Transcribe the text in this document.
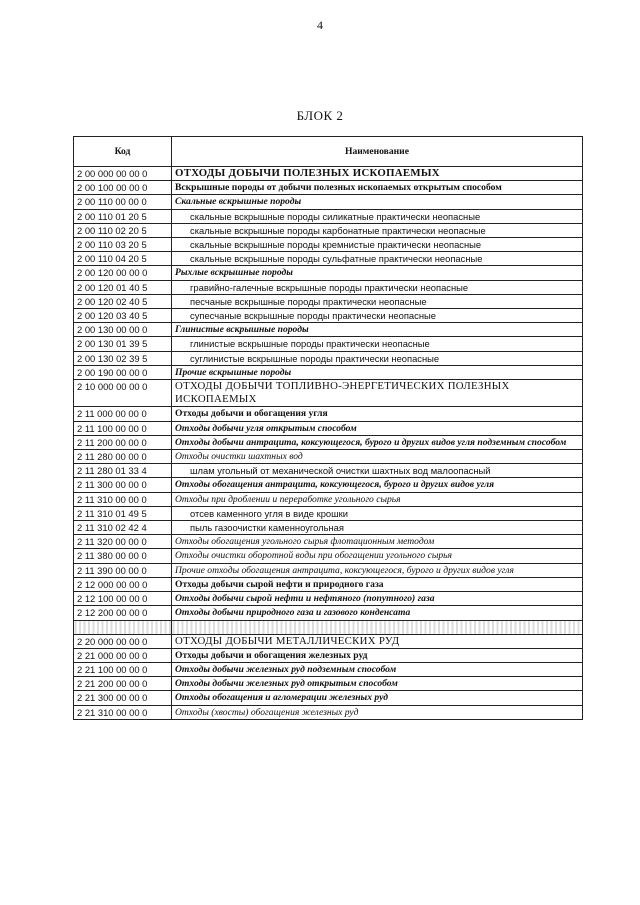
4
БЛОК 2
Код	Наименование
2 00 000 00 00 0	ОТХОДЫ ДОБЫЧИ ПОЛЕЗНЫХ ИСКОПАЕМЫХ
2 00 100 00 00 0	Вскрышные породы от добычи полезных ископаемых открытым способом
2 00 110 00 00 0	Скальные вскрышные породы
2 00 110 01 20 5	скальные вскрышные породы силикатные практически неопасные
2 00 110 02 20 5	скальные вскрышные породы карбонатные практически неопасные
2 00 110 03 20 5	скальные вскрышные породы кремнистые практически неопасные
2 00 110 04 20 5	скальные вскрышные породы сульфатные практически неопасные
2 00 120 00 00 0	Рыхлые вскрышные породы
2 00 120 01 40 5	гравийно-галечные вскрышные породы практически неопасные
2 00 120 02 40 5	песчаные вскрышные породы практически неопасные
2 00 120 03 40 5	супесчаные вскрышные породы практически неопасные
2 00 130 00 00 0	Глинистые вскрышные породы
2 00 130 01 39 5	глинистые вскрышные породы практически неопасные
2 00 130 02 39 5	суглинистые вскрышные породы практически неопасные
2 00 190 00 00 0	Прочие вскрышные породы
2 10 000 00 00 0	ОТХОДЫ ДОБЫЧИ ТОПЛИВНО-ЭНЕРГЕТИЧЕСКИХ ПОЛЕЗНЫХ ИСКОПАЕМЫХ
2 11 000 00 00 0	Отходы добычи и обогащения угля
2 11 100 00 00 0	Отходы добычи угля открытым способом
2 11 200 00 00 0	Отходы добычи антрацита, коксующегося, бурого и других видов угля подземным способом
2 11 280 00 00 0	Отходы очистки шахтных вод
2 11 280 01 33 4	шлам угольный от механической очистки шахтных вод малоопасный
2 11 300 00 00 0	Отходы обогащения антрацита, коксующегося, бурого и других видов угля
2 11 310 00 00 0	Отходы при дроблении и переработке угольного сырья
2 11 310 01 49 5	отсев каменного угля в виде крошки
2 11 310 02 42 4	пыль газоочистки каменноугольная
2 11 320 00 00 0	Отходы обогащения угольного сырья флотационным методом
2 11 380 00 00 0	Отходы очистки оборотной воды при обогащении угольного сырья
2 11 390 00 00 0	Прочие отходы обогащения антрацита, коксующегося, бурого и других видов угля
2 12 000 00 00 0	Отходы добычи сырой нефти и природного газа
2 12 100 00 00 0	Отходы добычи сырой нефти и нефтяного (попутного) газа
2 12 200 00 00 0	Отходы добычи природного газа и газового конденсата

2 20 000 00 00 0	ОТХОДЫ ДОБЫЧИ МЕТАЛЛИЧЕСКИХ РУД
2 21 000 00 00 0	Отходы добычи и обогащения железных руд
2 21 100 00 00 0	Отходы добычи железных руд подземным способом
2 21 200 00 00 0	Отходы добычи железных руд открытым способом
2 21 300 00 00 0	Отходы обогащения и агломерации железных руд
2 21 310 00 00 0	Отходы (хвосты) обогащения железных руд
